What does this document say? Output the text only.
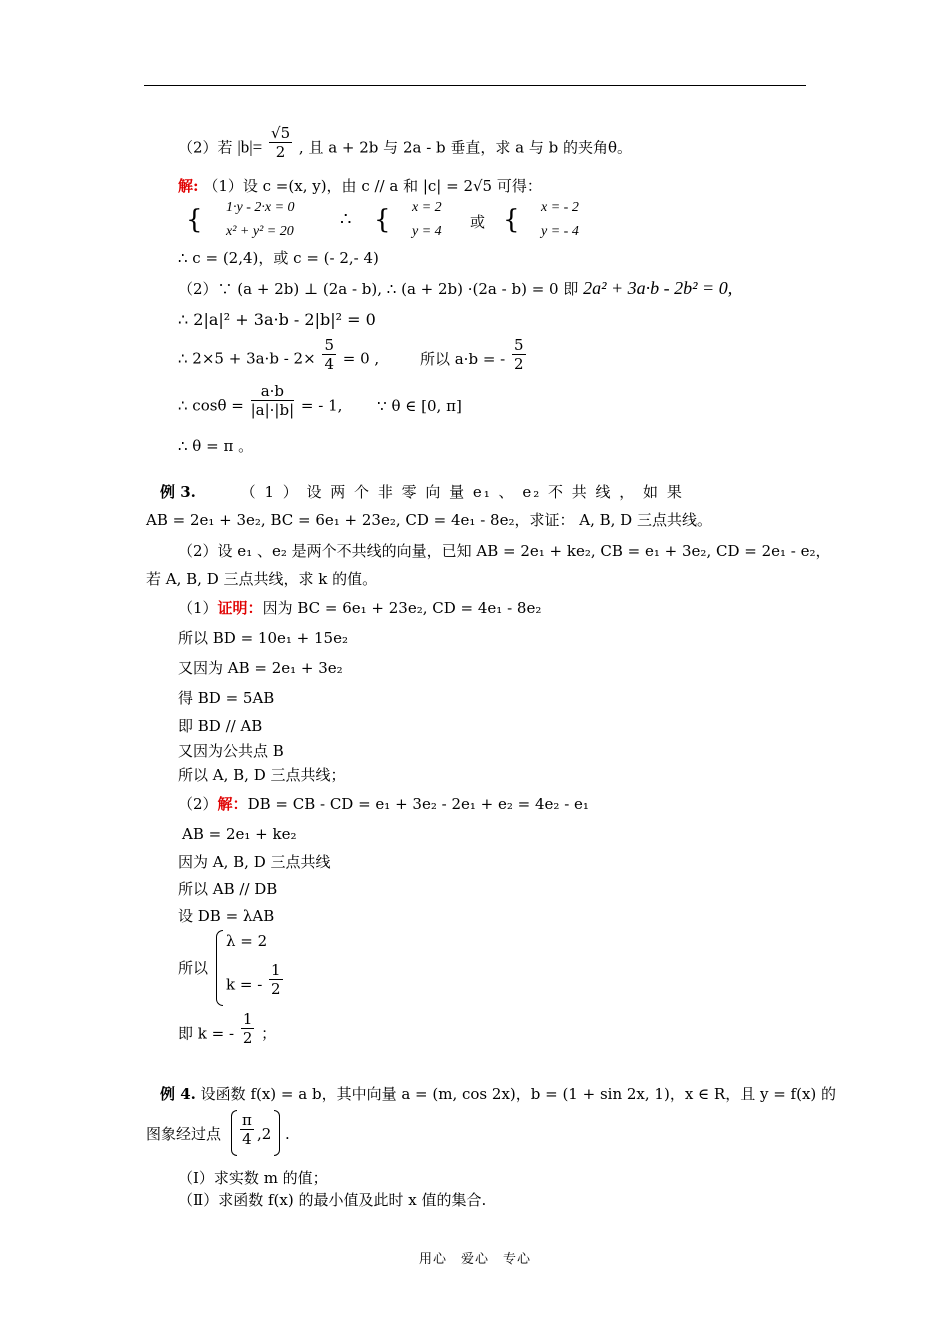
（2）若 $|b|= \frac{√5}{2}$ , 且 a + 2b 与 2a - b 垂直，求 a 与 b 的夹角θ。
解: （1）设 c =(x, y)，由 c // a 和 |c| = 2√5 可得：
{ 1·y - 2·x = 0
x² + y² = 20
∴ { x = 2
y = 4
或 { x = - 2
y = - 4
∴ c = (2,4)，或 c = (- 2,- 4)
（2）∵ (a + 2b) ⊥ (2a - b), ∴ (a + 2b) ·(2a - b) = 0 即 2a² + 3a·b - 2b² = 0,
∴ 2|a|² + 3a·b - 2|b|² = 0
∴ $2\times 5 + 3a\cdot b - 2\times \frac{5}{4} = 0$ ,	所以 a·b = - $\frac{5}{2}$
∴ $\cos\theta = \frac{a\cdot b}{|a|\cdot|b|}$ = - 1, ∵ θ ∈ [0, π]
∴ θ = π 。
例 3.	（ 1 ） 设 两 个 非 零 向 量 e₁ 、 e₂ 不 共 线 ， 如 果
AB = 2e₁ + 3e₂, BC = 6e₁ + 23e₂, CD = 4e₁ - 8e₂，求证： A, B, D 三点共线。
（2）设 e₁ 、e₂ 是两个不共线的向量，已知 AB = 2e₁ + ke₂, CB = e₁ + 3e₂, CD = 2e₁ - e₂，
若 A, B, D 三点共线，求 k 的值。
（1）证明：因为 BC = 6e₁ + 23e₂, CD = 4e₁ - 8e₂
所以 BD = 10e₁ + 15e₂
又因为 AB = 2e₁ + 3e₂
得 BD = 5AB
即 BD // AB
又因为公共点 B
所以 A, B, D 三点共线；
（2）解：DB = CB - CD = e₁ + 3e₂ - 2e₁ + e₂ = 4e₂ - e₁
AB = 2e₁ + ke₂
因为 A, B, D 三点共线
所以 AB // DB
设 DB = λAB
所以
λ = 2
k = - $\frac{1}{2}$
即 k = - $\frac{1}{2}$ ；
例 4. 设函数 f(x) = a b，其中向量 a = (m, cos 2x)，b = (1 + sin 2x, 1)，x ∈ R，且 y = f(x) 的
图象经过点 $\frac{\pi}{4} ,2$ .
（Ⅰ）求实数 m 的值；
（Ⅱ）求函数 f(x) 的最小值及此时 x 值的集合.
用心　爱心　专心
